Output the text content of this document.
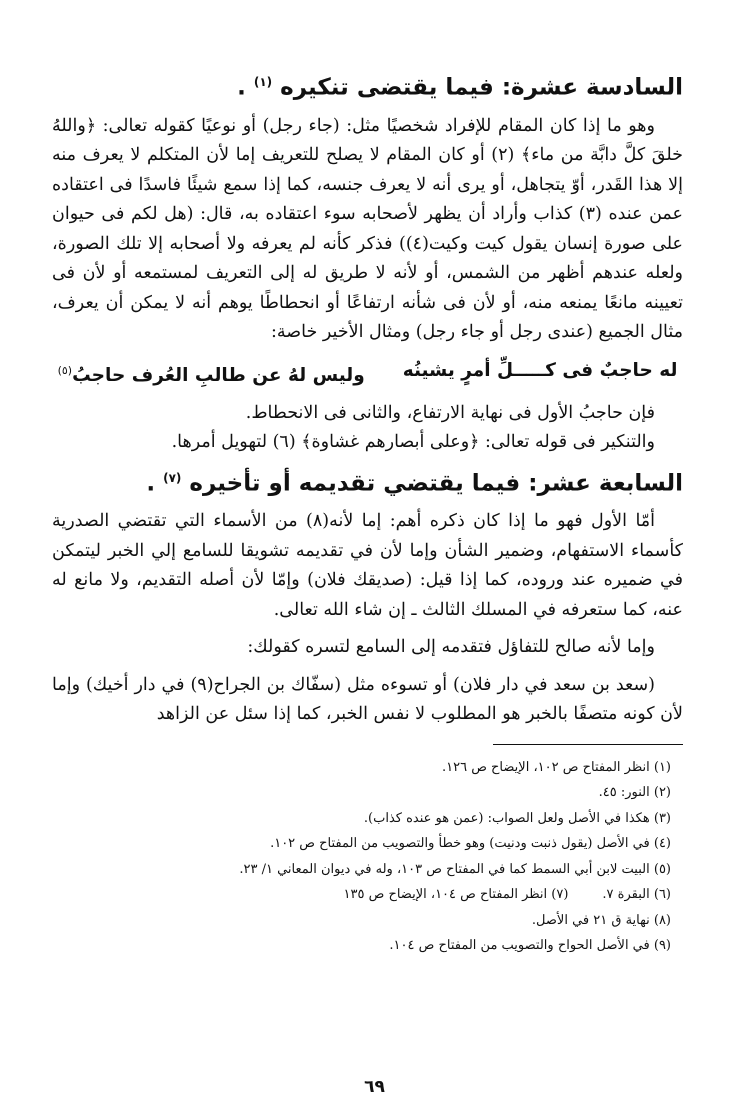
السادسة عشرة: فيما يقتضى تنكيره $^{(١)}$ .

وهو ما إذا كان المقام للإفراد شخصيًا مثل: (جاء رجل) أو نوعيًا كقوله تعالى: ﴿واللهُ خلقَ كلَّ دابَّة من ماء﴾ (٢) أو كان المقام لا يصلح للتعريف إما لأن المتكلم لا يعرف منه إلا هذا القَدر، أوّ يتجاهل، أو يرى أنه لا يعرف جنسه، كما إذا سمع شيئًا فاسدًا فى اعتقاده عمن عنده (٣) كذاب وأراد أن يظهر لأصحابه سوء اعتقاده به، قال: (هل لكم فى حيوان على صورة إنسان يقول كيت وكيت(٤)) فذكر كأنه لم يعرفه ولا أصحابه إلا تلك الصورة، ولعله عندهم أظهر من الشمس، أو لأنه لا طريق له إلى التعريف لمستمعه أو لأن فى تعيينه مانعًا يمنعه منه، أو لأن فى شأنه ارتفاعًا أو انحطاطًا يوهم أنه لا يمكن أن يعرف، مثال الجميع (عندى رجل أو جاء رجل) ومثال الأخير خاصة:

له حاجبٌ فى كـــــلِّ أمرٍ يشينُه
وليس لهُ عن طالبِ العُرف حاجبُ$^{(٥)}$

فإن حاجبُ الأول فى نهاية الارتفاع، والثانى فى الانحطاط.

والتنكير فى قوله تعالى: ﴿وعلى أبصارهم غشاوة﴾ (٦) لتهويل أمرها.

السابعة عشر: فيما يقتضي تقديمه أو تأخيره $^{(٧)}$ .

أمّا الأول فهو ما إذا كان ذكره أهم: إما لأنه(٨) من الأسماء التي تقتضي الصدرية كأسماء الاستفهام، وضمير الشأن وإما لأن في تقديمه تشويقا للسامع إلي الخبر ليتمكن في ضميره عند وروده، كما إذا قيل: (صديقك فلان) وإمّا لأن أصله التقديم، ولا مانع له عنه، كما ستعرفه في المسلك الثالث ـ إن شاء الله تعالى.

وإما لأنه صالح للتفاؤل فتقدمه إلى السامع لتسره كقولك:

(سعد بن سعد في دار فلان) أو تسوءه مثل (سفّاك بن الجراح(٩) في دار أخيك) وإما لأن كونه متصفًا بالخبر هو المطلوب لا نفس الخبر، كما إذا سئل عن الزاهد

(١) انظر المفتاح ص ١٠٢، الإيضاح ص ١٢٦.
(٢) النور: ٤٥.
(٣) هكذا في الأصل ولعل الصواب: (عمن هو عنده كذاب).
(٤) في الأصل (يقول ذنبت ودنيت) وهو خطأ والتصويب من المفتاح ص ١٠٢.
(٥) البيت لابن أبي السمط كما في المفتاح ص ١٠٣، وله في ديوان المعاني ١/ ٢٣.
(٦) البقرة ٧.
(٧) انظر المفتاح ص ١٠٤، الإيضاح ص ١٣٥
(٨) نهاية ق ٢١ في الأصل.
(٩) في الأصل الحواح والتصويب من المفتاح ص ١٠٤.
٦٩
